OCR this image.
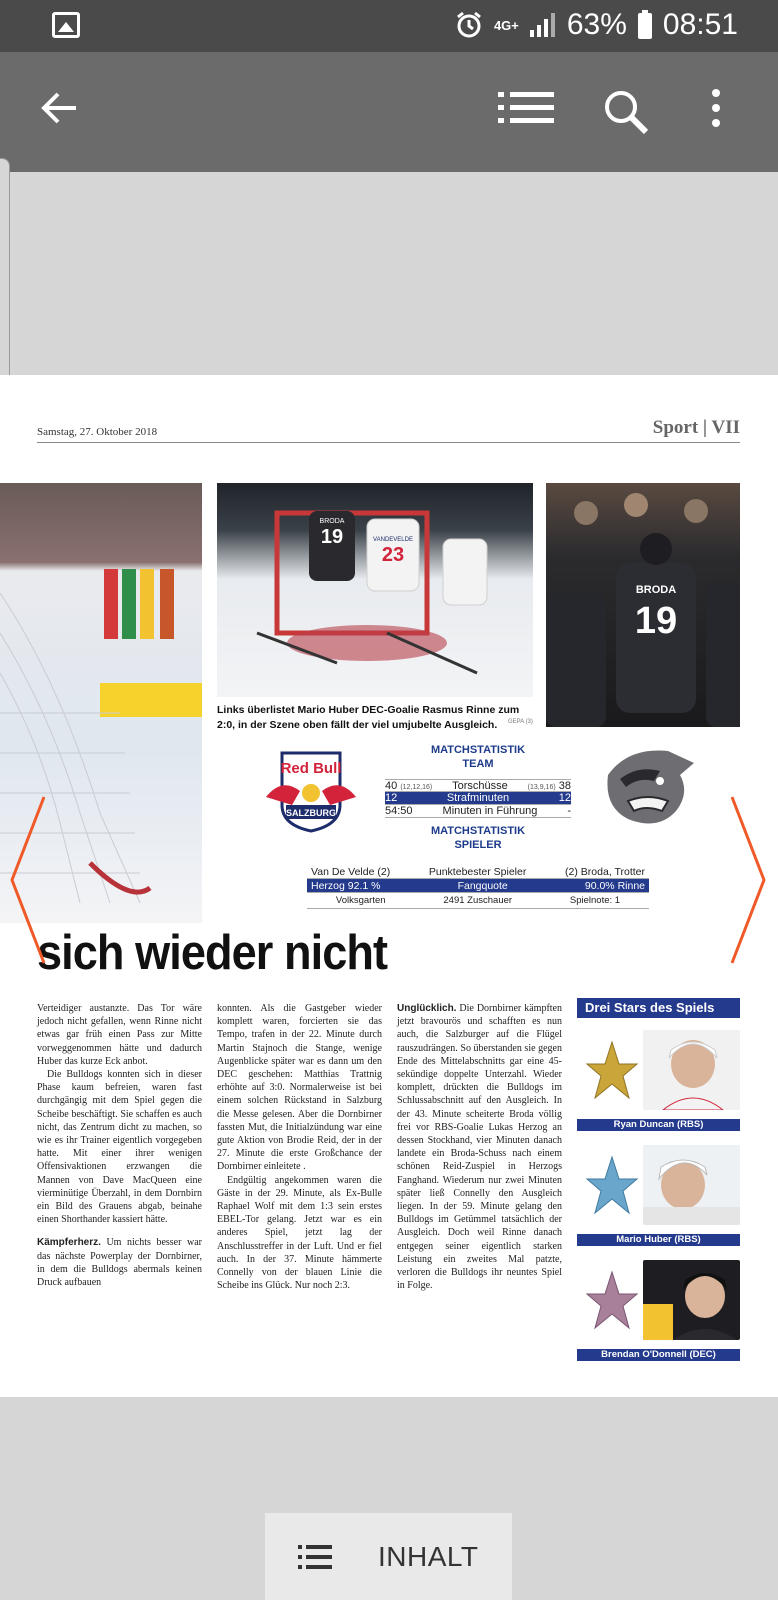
4G+ 63% 08:51
Samstag, 27. Oktober 2018	Sport | VII
19
BRODA
23
VANDEVELDE
Links überlistet Mario Huber DEC-Goalie Rasmus Rinne zum 2:0, in der Szene oben fällt der viel umjubelte Ausgleich.	GEPA (3)
BRODA
19
Red Bull
SALZBURG
MATCHSTATISTIK
TEAM
40 (12,12,16) Torschüsse	(13,9,16) 38
12	Strafminuten	12
54:50	Minuten in Führung	-
MATCHSTATISTIK
SPIELER
Van De Velde (2)	Punktebester Spieler	(2) Broda, Trotter
Herzog 92.1 %	Fangquote	90.0% Rinne
Volksgarten	2491 Zuschauer	Spielnote: 1
sich wieder nicht

Verteidiger austanzte. Das Tor wäre jedoch nicht gefallen, wenn Rinne nicht etwas gar früh einen Pass zur Mitte vorweggenommen hätte und dadurch Huber das kurze Eck anbot.

Die Bulldogs konnten sich in dieser Phase kaum befreien, waren fast durchgängig mit dem Spiel gegen die Scheibe beschäftigt. Sie schaffen es auch nicht, das Zentrum dicht zu machen, so wie es ihr Trainer eigentlich vorgegeben hatte. Mit einer ihrer wenigen Offensivaktionen erzwangen die Mannen von Dave MacQueen eine vierminütige Überzahl, in dem Dornbirn ein Bild des Grauens abgab, beinahe einen Shorthander kassiert hätte.

Kämpferherz. Um nichts besser war das nächste Powerplay der Dornbirner, in dem die Bulldogs abermals keinen Druck aufbauen

konnten. Als die Gastgeber wieder komplett waren, forcierten sie das Tempo, trafen in der 22. Minute durch Martin Stajnoch die Stange, wenige Augenblicke später war es dann um den DEC geschehen: Matthias Trattnig erhöhte auf 3:0. Normalerweise ist bei einem solchen Rückstand in Salzburg die Messe gelesen. Aber die Dornbirner fassten Mut, die Initialzündung war eine gute Aktion von Brodie Reid, der in der 27. Minute die erste Großchance der Dornbirner einleitete .

Endgültig angekommen waren die Gäste in der 29. Minute, als Ex-Bulle Raphael Wolf mit dem 1:3 sein erstes EBEL-Tor gelang. Jetzt war es ein anderes Spiel, jetzt lag der Anschlusstreffer in der Luft. Und er fiel auch. In der 37. Minute hämmerte Connelly von der blauen Linie die Scheibe ins Glück. Nur noch 2:3.

Unglücklich. Die Dornbirner kämpften jetzt bravourös und schafften es nun auch, die Salzburger auf die Flügel rauszudrängen. So überstanden sie gegen Ende des Mittelabschnitts gar eine 45-sekündige doppelte Unterzahl. Wieder komplett, drückten die Bulldogs im Schlussabschnitt auf den Ausgleich. In der 43. Minute scheiterte Broda völlig frei vor RBS-Goalie Lukas Herzog an dessen Stockhand, vier Minuten danach landete ein Broda-Schuss nach einem schönen Reid-Zuspiel in Herzogs Fanghand. Wiederum nur zwei Minuten später ließ Connelly den Ausgleich liegen. In der 59. Minute gelang den Bulldogs im Getümmel tatsächlich der Ausgleich. Doch weil Rinne danach entgegen seiner eigentlich starken Leistung ein zweites Mal patzte, verloren die Bulldogs ihr neuntes Spiel in Folge.

Drei Stars des Spiels
Ryan Duncan (RBS)
Mario Huber (RBS)
Brendan O'Donnell (DEC)
INHALT
